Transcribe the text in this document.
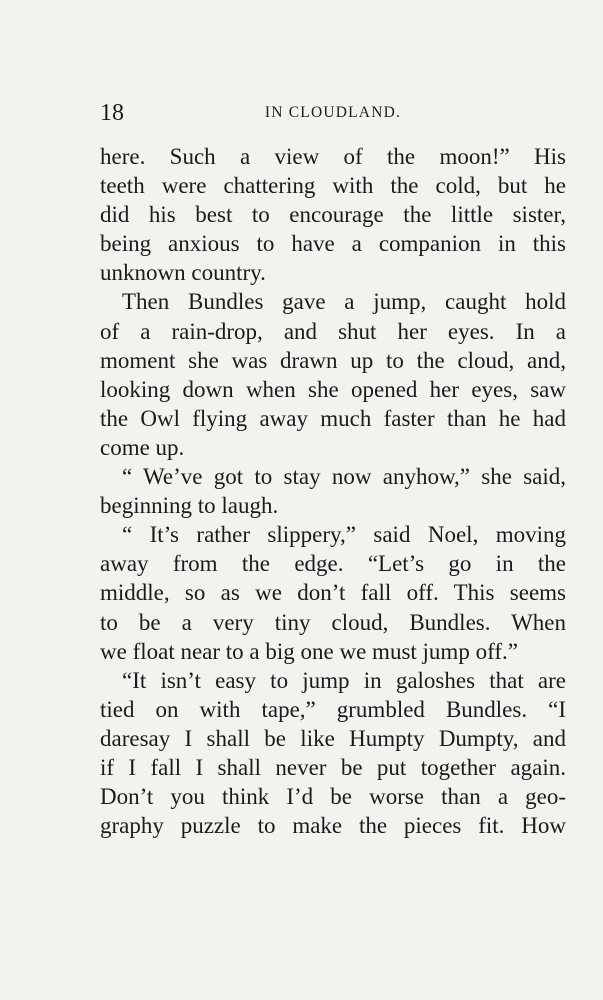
18	IN CLOUDLAND.
here. Such a view of the moon!” His
teeth were chattering with the cold, but he
did his best to encourage the little sister,
being anxious to have a companion in this
unknown country.
Then Bundles gave a jump, caught hold
of a rain-drop, and shut her eyes. In a
moment she was drawn up to the cloud, and,
looking down when she opened her eyes, saw
the Owl flying away much faster than he had
come up.
“ We’ve got to stay now anyhow,” she said,
beginning to laugh.
“ It’s rather slippery,” said Noel, moving
away from the edge. “Let’s go in the
middle, so as we don’t fall off. This seems
to be a very tiny cloud, Bundles. When
we float near to a big one we must jump off.”
“It isn’t easy to jump in galoshes that are
tied on with tape,” grumbled Bundles. “I
daresay I shall be like Humpty Dumpty, and
if I fall I shall never be put together again.
Don’t you think I’d be worse than a geo-
graphy puzzle to make the pieces fit. How
